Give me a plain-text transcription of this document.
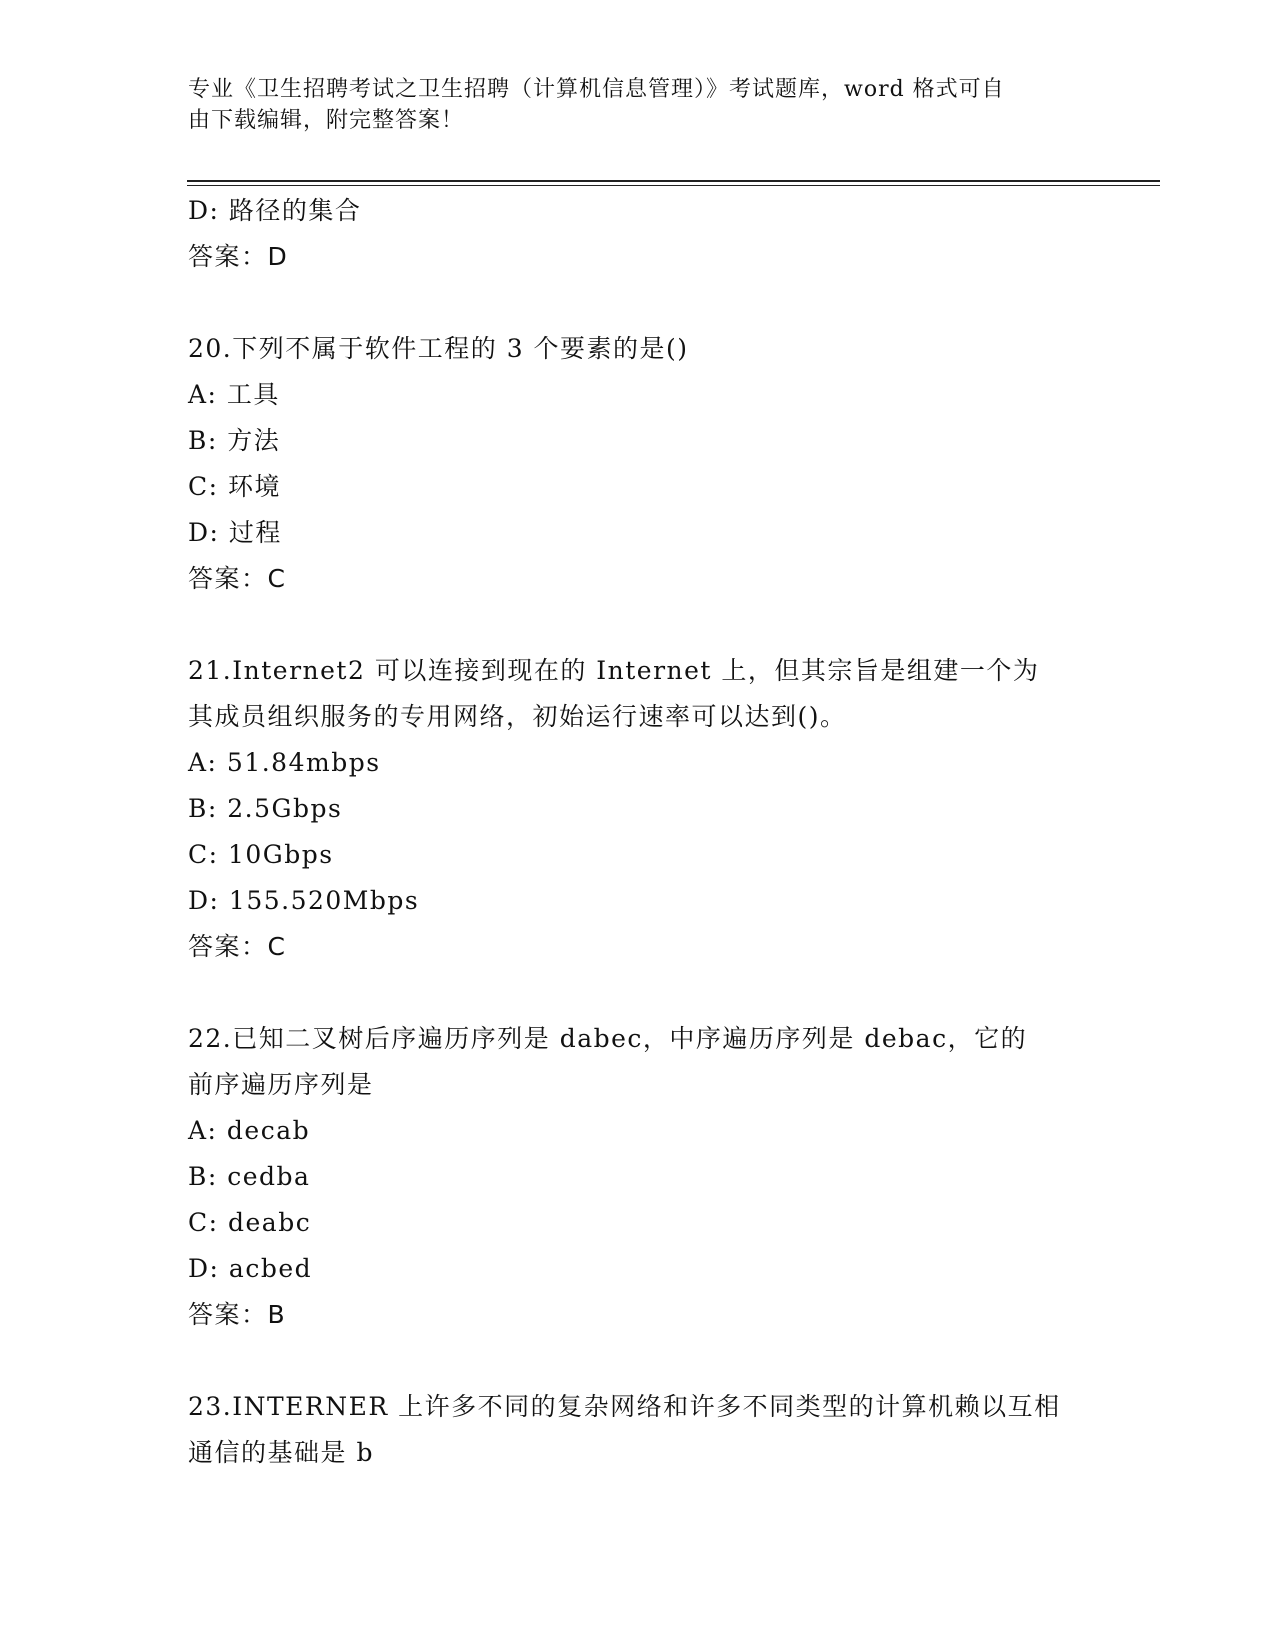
专业《卫生招聘考试之卫生招聘（计算机信息管理）》考试题库，word 格式可自
由下载编辑，附完整答案！
D: 路径的集合
答案：D
20.下列不属于软件工程的 3 个要素的是()
A: 工具
B: 方法
C: 环境
D: 过程
答案：C
21.Internet2 可以连接到现在的 Internet 上，但其宗旨是组建一个为
其成员组织服务的专用网络，初始运行速率可以达到()。
A: 51.84mbps
B: 2.5Gbps
C: 10Gbps
D: 155.520Mbps
答案：C
22.已知二叉树后序遍历序列是 dabec，中序遍历序列是 debac，它的
前序遍历序列是
A: decab
B: cedba
C: deabc
D: acbed
答案：B
23.INTERNER 上许多不同的复杂网络和许多不同类型的计算机赖以互相
通信的基础是 b
